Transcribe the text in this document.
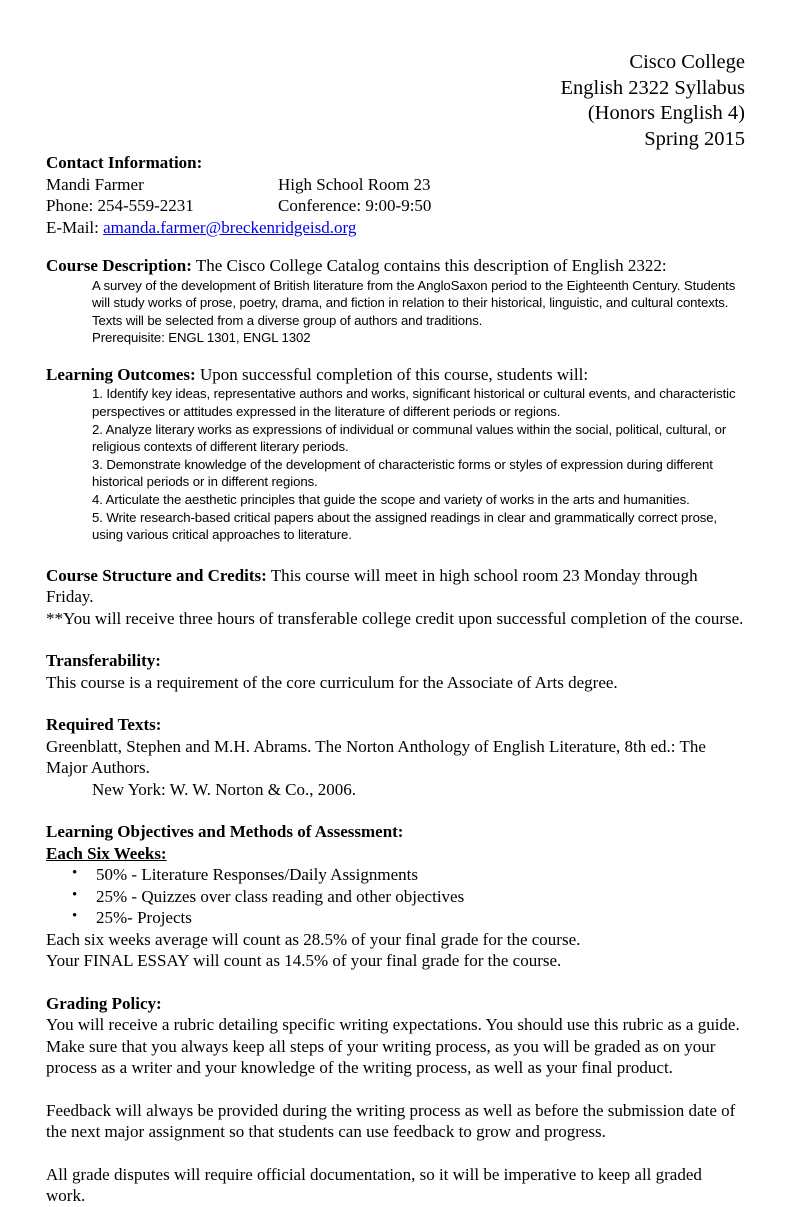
Cisco College
English 2322 Syllabus
(Honors English 4)
Spring 2015
Contact Information:
Mandi Farmer	High School Room 23
Phone: 254-559-2231	Conference: 9:00-9:50
E-Mail: amanda.farmer@breckenridgeisd.org
Course Description: The Cisco College Catalog contains this description of English 2322:

A survey of the development of British literature from the AngloSaxon period to the Eighteenth Century. Students will study works of prose, poetry, drama, and fiction in relation to their historical, linguistic, and cultural contexts. Texts will be selected from a diverse group of authors and traditions.

Prerequisite: ENGL 1301, ENGL 1302

Learning Outcomes: Upon successful completion of this course, students will:

1. Identify key ideas, representative authors and works, significant historical or cultural events, and characteristic perspectives or attitudes expressed in the literature of different periods or regions.

2. Analyze literary works as expressions of individual or communal values within the social, political, cultural, or religious contexts of different literary periods.

3. Demonstrate knowledge of the development of characteristic forms or styles of expression during different historical periods or in different regions.

4. Articulate the aesthetic principles that guide the scope and variety of works in the arts and humanities.

5. Write research-based critical papers about the assigned readings in clear and grammatically correct prose, using various critical approaches to literature.

Course Structure and Credits: This course will meet in high school room 23 Monday through Friday.
**You will receive three hours of transferable college credit upon successful completion of the course.
Transferability:
This course is a requirement of the core curriculum for the Associate of Arts degree.
Required Texts:
Greenblatt, Stephen and M.H. Abrams. The Norton Anthology of English Literature, 8th ed.: The Major Authors.
New York: W. W. Norton & Co., 2006.
Learning Objectives and Methods of Assessment:
Each Six Weeks:
• 50% - Literature Responses/Daily Assignments
• 25% - Quizzes over class reading and other objectives
• 25%- Projects
Each six weeks average will count as 28.5% of your final grade for the course.
Your FINAL ESSAY will count as 14.5% of your final grade for the course.
Grading Policy:
You will receive a rubric detailing specific writing expectations. You should use this rubric as a guide. Make sure that you always keep all steps of your writing process, as you will be graded as on your process as a writer and your knowledge of the writing process, as well as your final product.
Feedback will always be provided during the writing process as well as before the submission date of the next major assignment so that students can use feedback to grow and progress.
All grade disputes will require official documentation, so it will be imperative to keep all graded work.
